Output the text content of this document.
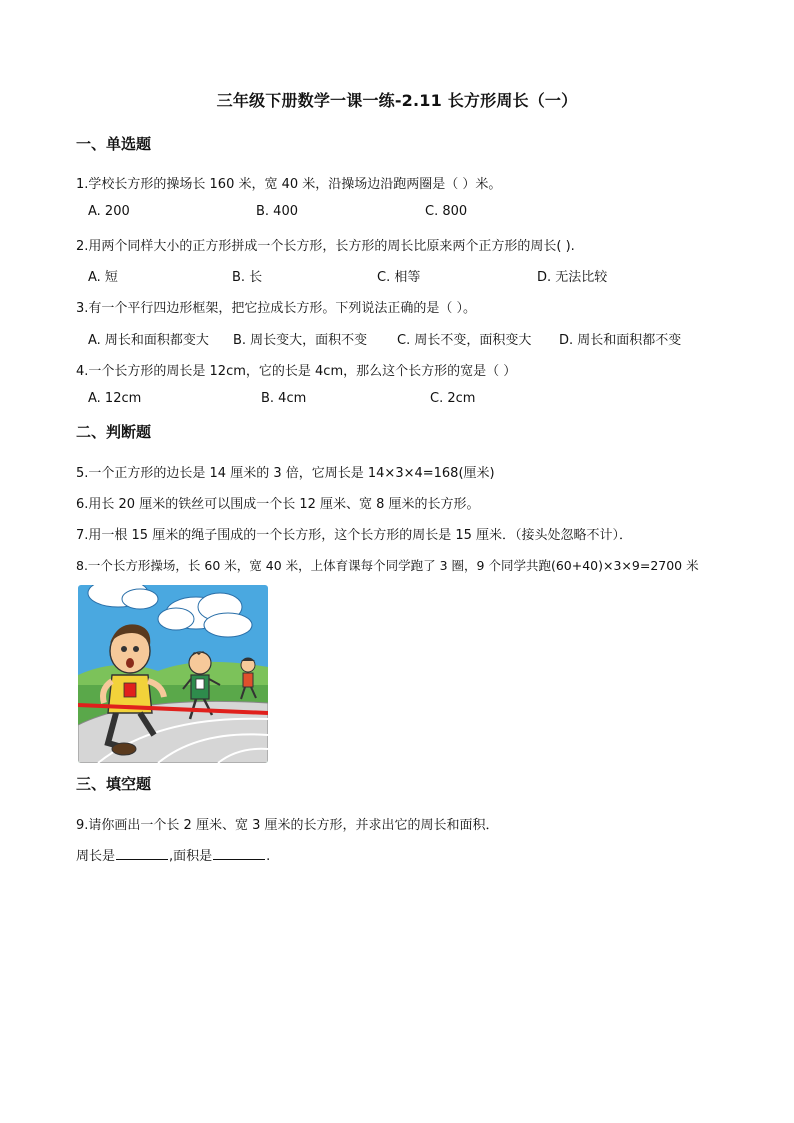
三年级下册数学一课一练-2.11 长方形周长（一）
一、单选题
1.学校长方形的操场长 160 米，宽 40 米，沿操场边沿跑两圈是（ ）米。
A. 200	B. 400	C. 800
2.用两个同样大小的正方形拼成一个长方形，长方形的周长比原来两个正方形的周长( ).
A. 短	B. 长	C. 相等	D. 无法比较
3.有一个平行四边形框架，把它拉成长方形。下列说法正确的是（ ）。
A. 周长和面积都变大 B. 周长变大，面积不变 C. 周长不变，面积变大 D. 周长和面积都不变
4.一个长方形的周长是 12cm，它的长是 4cm，那么这个长方形的宽是（ ）
A. 12cm	B. 4cm	C. 2cm
二、判断题
5.一个正方形的边长是 14 厘米的 3 倍，它周长是 14×3×4=168(厘米)
6.用长 20 厘米的铁丝可以围成一个长 12 厘米、宽 8 厘米的长方形。
7.用一根 15 厘米的绳子围成的一个长方形，这个长方形的周长是 15 厘米．（接头处忽略不计）．
8.一个长方形操场，长 60 米，宽 40 米，上体育课每个同学跑了 3 圈，9 个同学共跑(60+40)×3×9=2700 米
三、填空题
9.请你画出一个长 2 厘米、宽 3 厘米的长方形，并求出它的周长和面积．
周长是	,面积是	.
